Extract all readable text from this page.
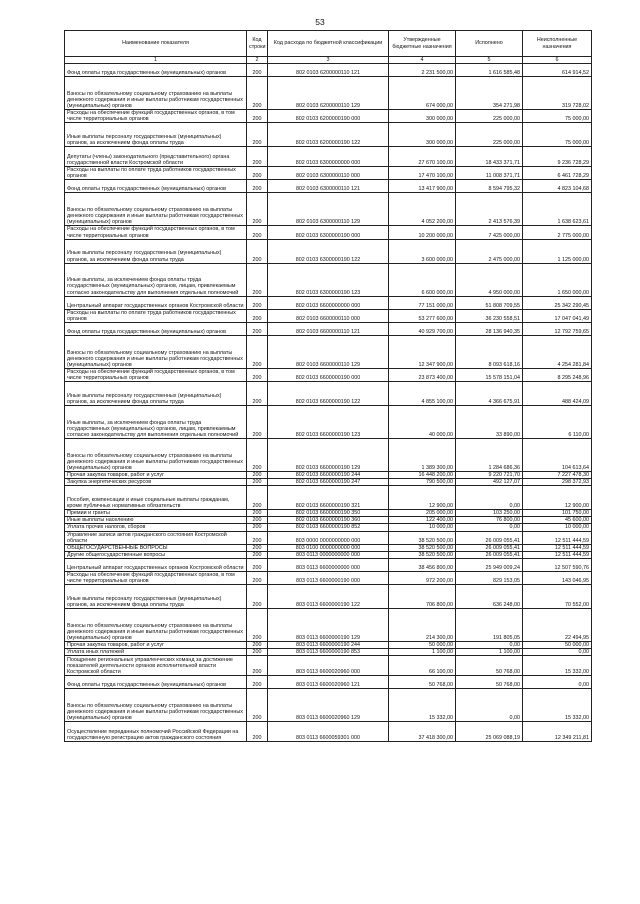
53
Наименование показателя	Код строки	Код расхода по бюджетной классификации	Утвержденные бюджетные назначения	Исполнено	Неисполненные назначения
1	2	3	4	5	6
Фонд оплаты труда государственных (муниципальных) органов	200	802 0103 6200000110 121	2 231 500,00	1 616 585,48	614 914,52
Взносы по обязательному социальному страхованию на выплаты денежного содержания и иные выплаты работникам государственных (муниципальных) органов	200	802 0103 6200000110 129	674 000,00	354 271,98	319 728,02
Расходы на обеспечение функций государственных органов, в том числе территориальных органов	200	802 0103 6200000190 000	300 000,00	225 000,00	75 000,00
Иные выплаты персоналу государственных (муниципальных) органов, за исключением фонда оплаты труда	200	802 0103 6200000190 122	300 000,00	225 000,00	75 000,00
Депутаты (члены) законодательного (представительного) органа государственной власти Костромской области	200	802 0103 6300000000 000	27 670 100,00	18 433 371,71	9 236 728,29
Расходы на выплаты по оплате труда работников государственных органов	200	802 0103 6300000110 000	17 470 100,00	11 008 371,71	6 461 728,29
Фонд оплаты труда государственных (муниципальных) органов	200	802 0103 6300000110 121	13 417 900,00	8 594 795,32	4 823 104,68
Взносы по обязательному социальному страхованию на выплаты денежного содержания и иные выплаты работникам государственных (муниципальных) органов	200	802 0103 6300000110 129	4 052 200,00	2 413 576,39	1 638 623,61
Расходы на обеспечение функций государственных органов, в том числе территориальных органов	200	802 0103 6300000190 000	10 200 000,00	7 425 000,00	2 775 000,00
Иные выплаты персоналу государственных (муниципальных) органов, за исключением фонда оплаты труда	200	802 0103 6300000190 122	3 600 000,00	2 475 000,00	1 125 000,00
Иные выплаты, за исключением фонда оплаты труда государственных (муниципальных) органов, лицам, привлекаемым согласно законодательству для выполнения отдельных полномочий	200	802 0103 6300000190 123	6 600 000,00	4 950 000,00	1 650 000,00
Центральный аппарат государственных органов Костромской области	200	802 0103 6600000000 000	77 151 000,00	51 808 709,55	25 342 290,45
Расходы на выплаты по оплате труда работников государственных органов	200	802 0103 6600000110 000	53 277 600,00	36 230 558,51	17 047 041,49
Фонд оплаты труда государственных (муниципальных) органов	200	802 0103 6600000110 121	40 929 700,00	28 136 940,35	12 792 759,65
Взносы по обязательному социальному страхованию на выплаты денежного содержания и иные выплаты работникам государственных (муниципальных) органов	200	802 0103 6600000110 129	12 347 900,00	8 093 618,16	4 254 281,84
Расходы на обеспечение функций государственных органов, в том числе территориальных органов	200	802 0103 6600000190 000	23 873 400,00	15 578 151,04	8 295 248,96
Иные выплаты персоналу государственных (муниципальных) органов, за исключением фонда оплаты труда	200	802 0103 6600000190 122	4 855 100,00	4 366 675,91	488 424,09
Иные выплаты, за исключением фонда оплаты труда государственных (муниципальных) органов, лицам, привлекаемым согласно законодательству для выполнения отдельных полномочий	200	802 0103 6600000190 123	40 000,00	33 890,00	6 110,00
Взносы по обязательному социальному страхованию на выплаты денежного содержания и иные выплаты работникам государственных (муниципальных) органов	200	802 0103 6600000190 129	1 389 300,00	1 284 686,36	104 613,64
Прочая закупка товаров, работ и услуг	200	802 0103 6600000190 244	16 448 200,00	9 220 721,70	7 227 478,30
Закупка энергетических ресурсов	200	802 0103 6600000190 247	790 500,00	492 127,07	298 372,93
Пособия, компенсации и иные социальные выплаты гражданам, кроме публичных нормативных обязательств	200	802 0103 6600000190 321	12 900,00	0,00	12 900,00
Премии и гранты	200	802 0103 6600000190 350	205 000,00	103 250,00	101 750,00
Иные выплаты населению	200	802 0103 6600000190 360	122 400,00	76 800,00	45 600,00
Уплата прочих налогов, сборов	200	802 0103 6600000190 852	10 000,00	0,00	10 000,00
Управление записи актов гражданского состояния Костромской области	200	803 0000 0000000000 000	38 520 500,00	26 009 055,41	12 511 444,59
ОБЩЕГОСУДАРСТВЕННЫЕ ВОПРОСЫ	200	803 0100 0000000000 000	38 520 500,00	26 009 055,41	12 511 444,59
Другие общегосударственные вопросы	200	803 0113 0000000000 000	38 520 500,00	26 009 055,41	12 511 444,59
Центральный аппарат государственных органов Костромской области	200	803 0113 6600000000 000	38 456 800,00	25 949 009,24	12 507 590,76
Расходы на обеспечение функций государственных органов, в том числе территориальных органов	200	803 0113 6600000190 000	972 200,00	829 153,05	143 046,95
Иные выплаты персоналу государственных (муниципальных) органов, за исключением фонда оплаты труда	200	803 0113 6600000190 122	706 800,00	636 248,00	70 552,00
Взносы по обязательному социальному страхованию на выплаты денежного содержания и иные выплаты работникам государственных (муниципальных) органов	200	803 0113 6600000190 129	214 300,00	191 805,05	22 494,95
Прочая закупка товаров, работ и услуг	200	803 0113 6600000190 244	50 000,00	0,00	50 000,00
Уплата иных платежей	200	803 0113 6600000190 853	1 100,00	1 100,00	0,00
Поощрение региональных управленческих команд за достижение показателей деятельности органов исполнительной власти Костромской области	200	803 0113 6600020960 000	66 100,00	50 768,00	15 332,00
Фонд оплаты труда государственных (муниципальных) органов	200	803 0113 6600020960 121	50 768,00	50 768,00	0,00
Взносы по обязательному социальному страхованию на выплаты денежного содержания и иные выплаты работникам государственных (муниципальных) органов	200	803 0113 6600020960 129	15 332,00	0,00	15 332,00
Осуществление переданных полномочий Российской Федерации на государственную регистрацию актов гражданского состояния	200	803 0113 6600059301 000	37 418 300,00	25 069 088,19	12 349 211,81
